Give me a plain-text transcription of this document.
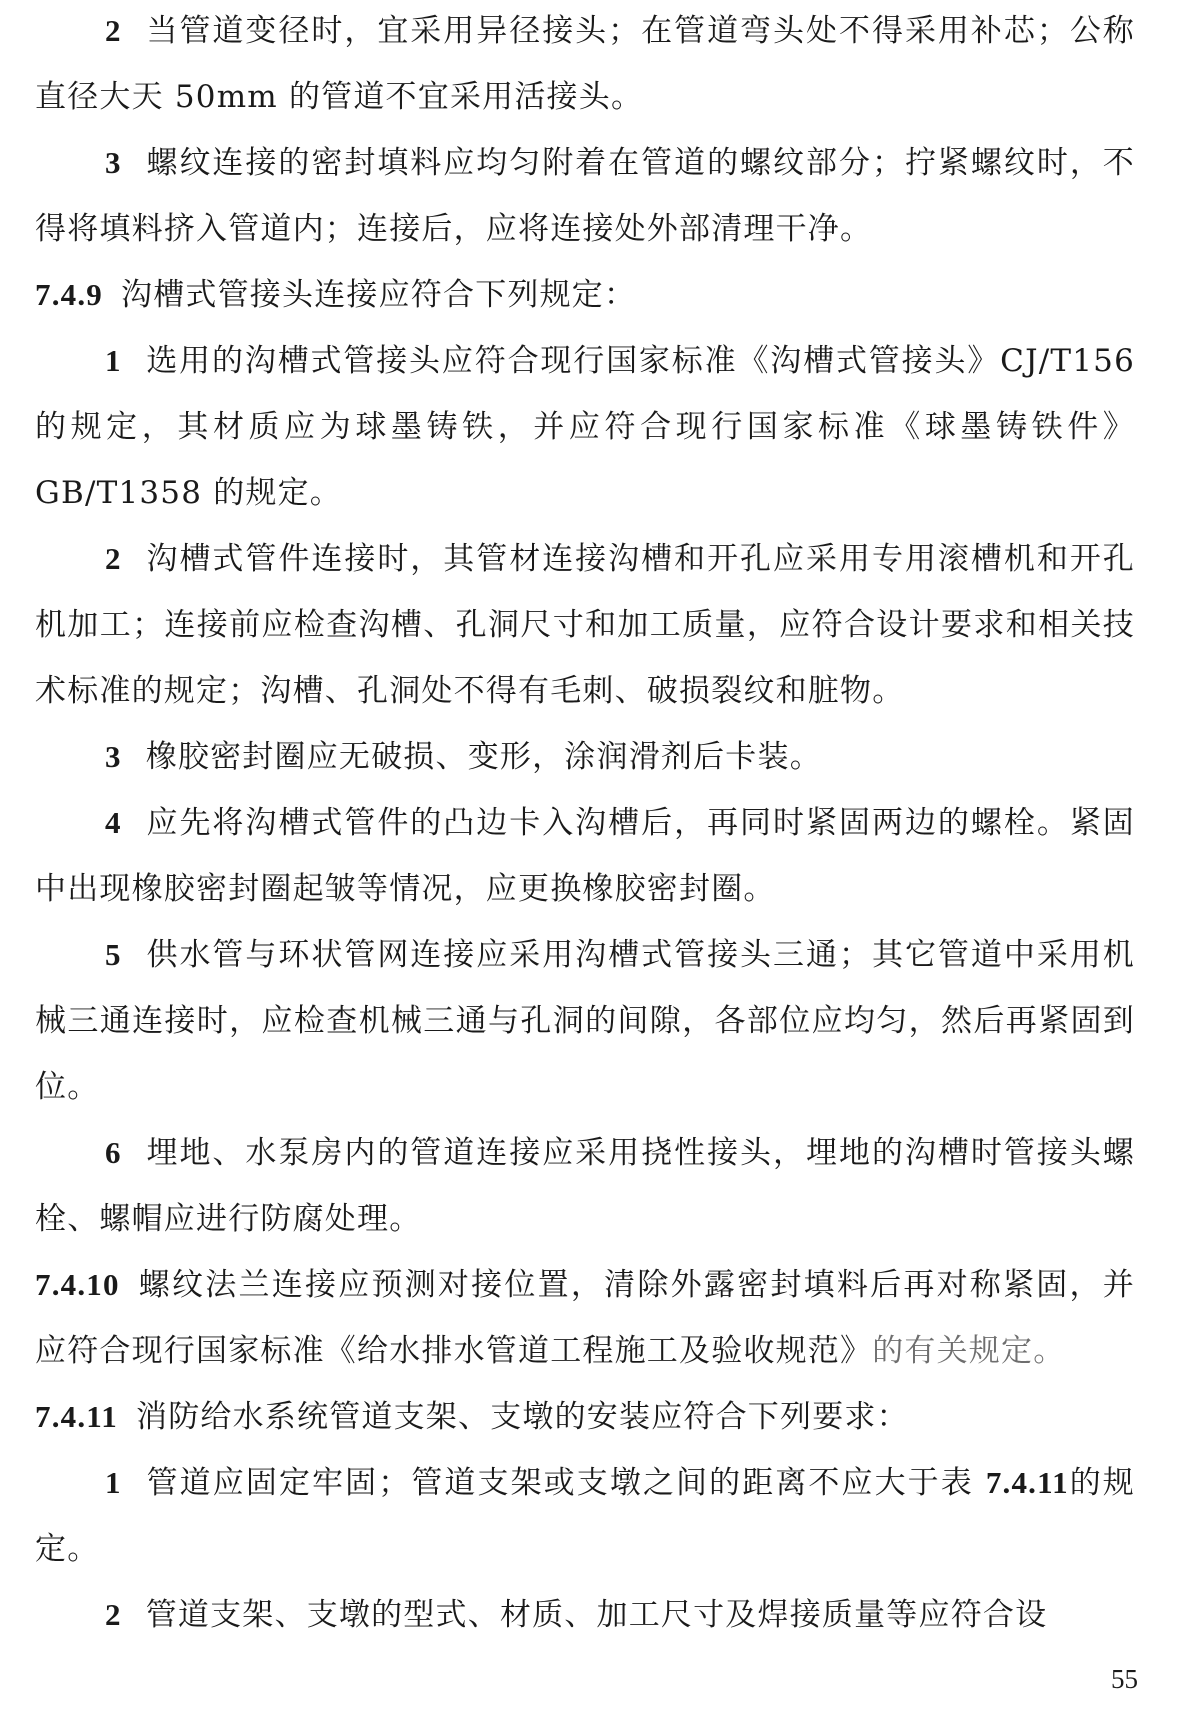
2 当管道变径时，宜采用异径接头；在管道弯头处不得采用补芯；公称直径大天 50mm 的管道不宜采用活接头。

3 螺纹连接的密封填料应均匀附着在管道的螺纹部分；拧紧螺纹时，不得将填料挤入管道内；连接后，应将连接处外部清理干净。

7.4.9 沟槽式管接头连接应符合下列规定：

1 选用的沟槽式管接头应符合现行国家标准《沟槽式管接头》CJ/T156 的规定，其材质应为球墨铸铁，并应符合现行国家标准《球墨铸铁件》GB/T1358 的规定。

2 沟槽式管件连接时，其管材连接沟槽和开孔应采用专用滚槽机和开孔机加工；连接前应检查沟槽、孔洞尺寸和加工质量，应符合设计要求和相关技术标准的规定；沟槽、孔洞处不得有毛刺、破损裂纹和脏物。

3 橡胶密封圈应无破损、变形，涂润滑剂后卡装。

4 应先将沟槽式管件的凸边卡入沟槽后，再同时紧固两边的螺栓。紧固中出现橡胶密封圈起皱等情况，应更换橡胶密封圈。

5 供水管与环状管网连接应采用沟槽式管接头三通；其它管道中采用机械三通连接时，应检查机械三通与孔洞的间隙，各部位应均匀，然后再紧固到位。

6 埋地、水泵房内的管道连接应采用挠性接头，埋地的沟槽时管接头螺栓、螺帽应进行防腐处理。

7.4.10 螺纹法兰连接应预测对接位置，清除外露密封填料后再对称紧固，并应符合现行国家标准《给水排水管道工程施工及验收规范》的有关规定。

7.4.11 消防给水系统管道支架、支墩的安装应符合下列要求：

1 管道应固定牢固；管道支架或支墩之间的距离不应大于表 7.4.11的规定。

2 管道支架、支墩的型式、材质、加工尺寸及焊接质量等应符合设

55
